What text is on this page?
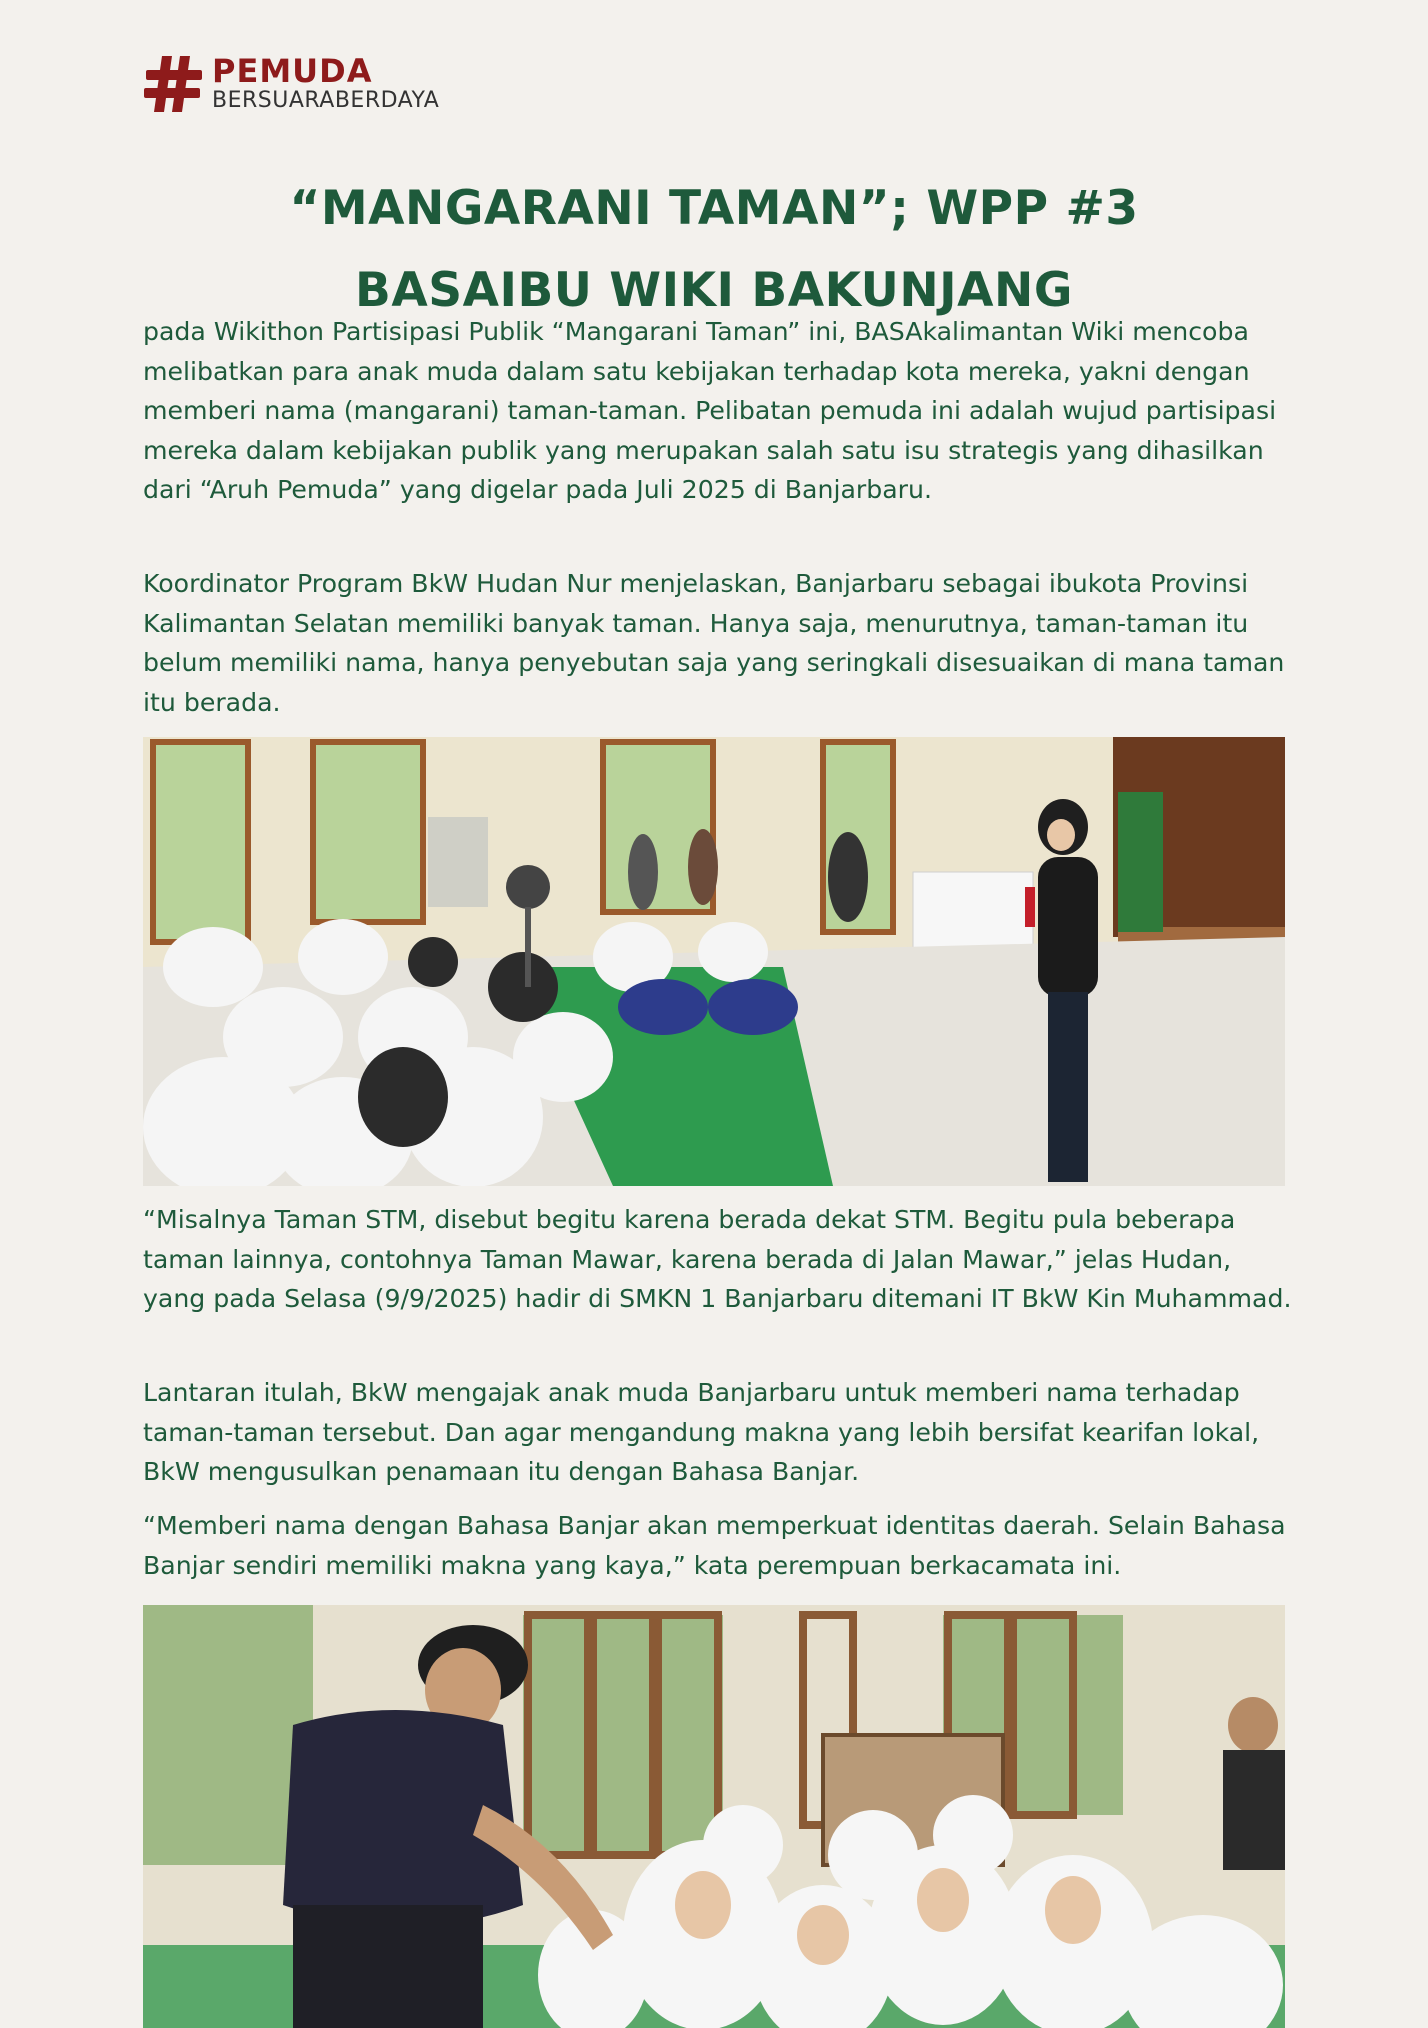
PEMUDA
BERSUARABERDAYA
“MANGARANI TAMAN”; WPP #3
BASAIBU WIKI BAKUNJANG
pada Wikithon Partisipasi Publik “Mangarani Taman” ini, BASAkalimantan Wiki mencoba melibatkan para anak muda dalam satu kebijakan terhadap kota mereka, yakni dengan memberi nama (mangarani) taman-taman. Pelibatan pemuda ini adalah wujud partisipasi mereka dalam kebijakan publik yang merupakan salah satu isu strategis yang dihasilkan dari “Aruh Pemuda” yang digelar pada Juli 2025 di Banjarbaru.
Koordinator Program BkW Hudan Nur menjelaskan, Banjarbaru sebagai ibukota Provinsi Kalimantan Selatan memiliki banyak taman. Hanya saja, menurutnya, taman-taman itu belum memiliki nama, hanya penyebutan saja yang seringkali disesuaikan di mana taman itu berada.
“Misalnya Taman STM, disebut begitu karena berada dekat STM. Begitu pula beberapa taman lainnya, contohnya Taman Mawar, karena berada di Jalan Mawar,” jelas Hudan, yang pada Selasa (9/9/2025) hadir di SMKN 1 Banjarbaru ditemani IT BkW Kin Muhammad.
Lantaran itulah, BkW mengajak anak muda Banjarbaru untuk memberi nama terhadap taman-taman tersebut. Dan agar mengandung makna yang lebih bersifat kearifan lokal, BkW mengusulkan penamaan itu dengan Bahasa Banjar.
“Memberi nama dengan Bahasa Banjar akan memperkuat identitas daerah. Selain Bahasa Banjar sendiri memiliki makna yang kaya,” kata perempuan berkacamata ini.
